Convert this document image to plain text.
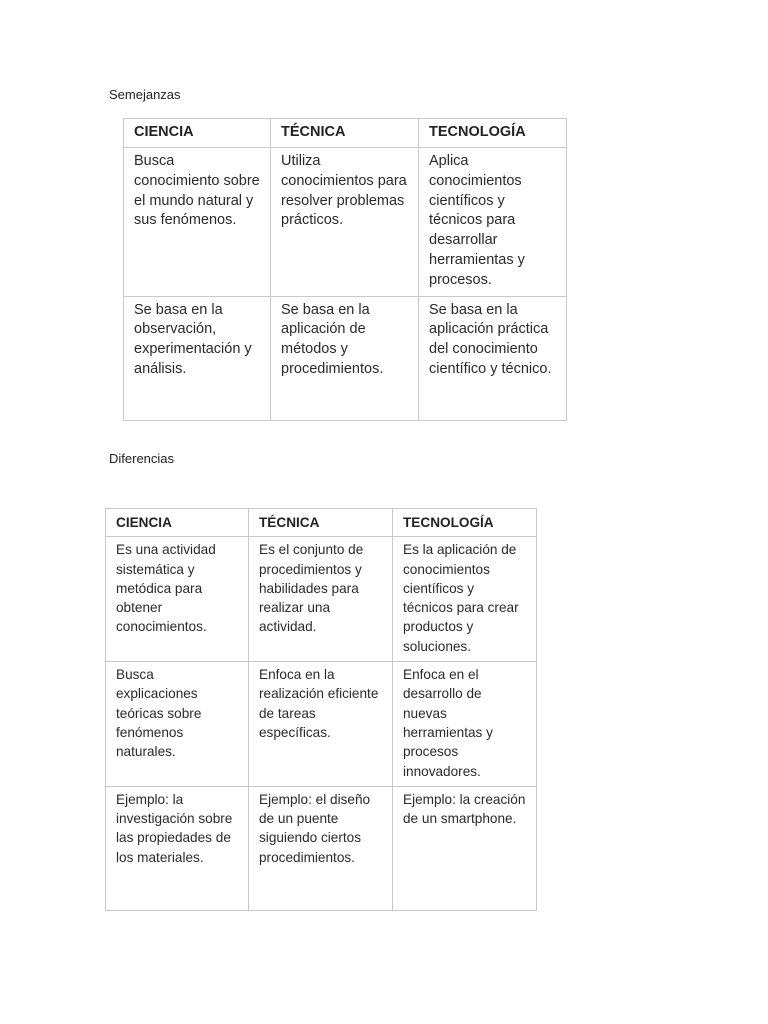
Semejanzas
CIENCIA	TÉCNICA	TECNOLOGÍA
Busca conocimiento sobre el mundo natural y sus fenómenos.	Utiliza conocimientos para resolver problemas prácticos.	Aplica conocimientos científicos y técnicos para desarrollar herramientas y procesos.
Se basa en la observación, experimentación y análisis.	Se basa en la aplicación de métodos y procedimientos.	Se basa en la aplicación práctica del conocimiento científico y técnico.
Diferencias
CIENCIA	TÉCNICA	TECNOLOGÍA
Es una actividad sistemática y metódica para obtener conocimientos.	Es el conjunto de procedimientos y habilidades para realizar una actividad.	Es la aplicación de conocimientos científicos y técnicos para crear productos y soluciones.
Busca explicaciones teóricas sobre fenómenos naturales.	Enfoca en la realización eficiente de tareas específicas.	Enfoca en el desarrollo de nuevas herramientas y procesos innovadores.
Ejemplo: la investigación sobre las propiedades de los materiales.	Ejemplo: el diseño de un puente siguiendo ciertos procedimientos.	Ejemplo: la creación de un smartphone.
